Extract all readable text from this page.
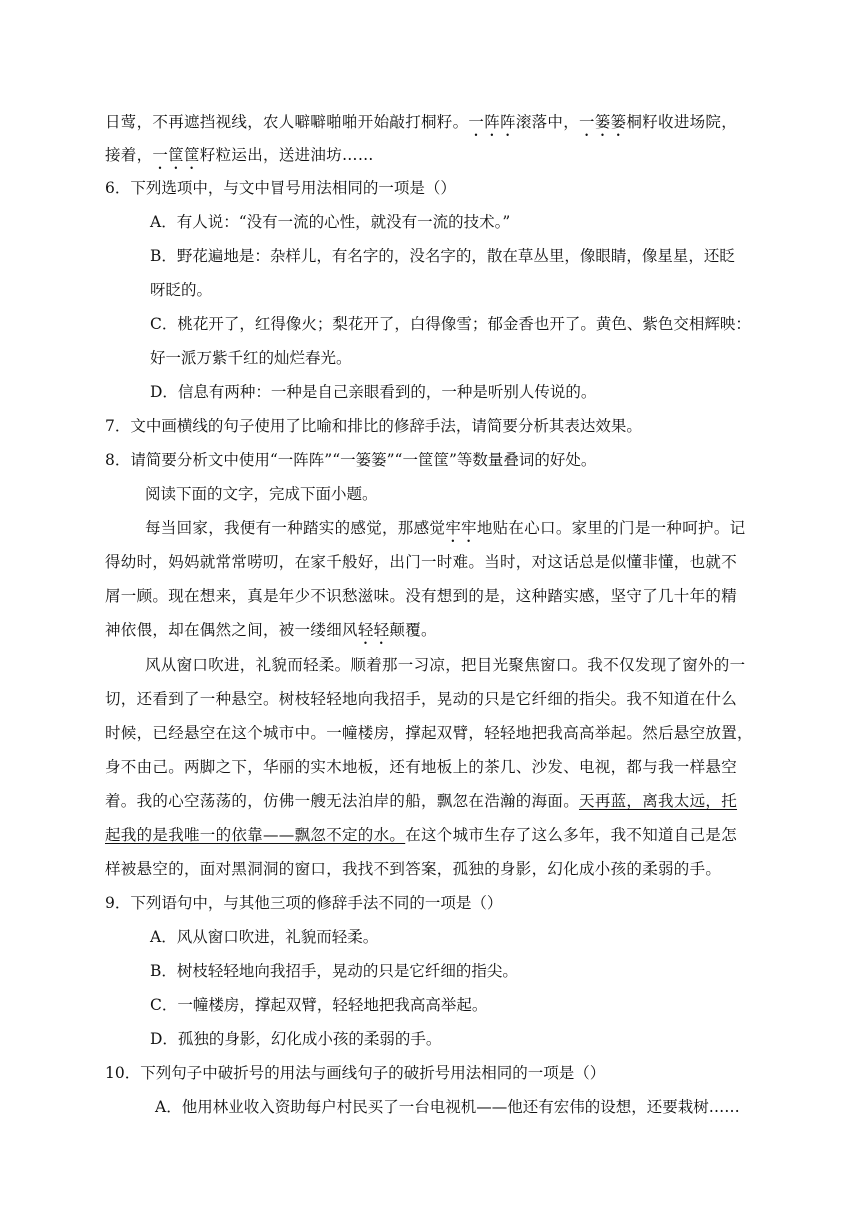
日莺，不再遮挡视线，农人噼噼啪啪开始敲打桐籽。一阵阵滚落中，一篓篓桐籽收进场院，
接着，一筐筐籽粒运出，送进油坊……
6．下列选项中，与文中冒号用法相同的一项是（）
A．有人说：“没有一流的心性，就没有一流的技术。”
B．野花遍地是：杂样儿，有名字的，没名字的，散在草丛里，像眼睛，像星星，还眨
呀眨的。
C．桃花开了，红得像火；梨花开了，白得像雪；郁金香也开了。黄色、紫色交相辉映：
好一派万紫千红的灿烂春光。
D．信息有两种：一种是自己亲眼看到的，一种是听别人传说的。
7．文中画横线的句子使用了比喻和排比的修辞手法，请简要分析其表达效果。
8．请简要分析文中使用“一阵阵”“一篓篓”“一筐筐”等数量叠词的好处。
阅读下面的文字，完成下面小题。
每当回家，我便有一种踏实的感觉，那感觉牢牢地贴在心口。家里的门是一种呵护。记
得幼时，妈妈就常常唠叨，在家千般好，出门一时难。当时，对这话总是似懂非懂，也就不
屑一顾。现在想来，真是年少不识愁滋味。没有想到的是，这种踏实感，坚守了几十年的精
神依偎，却在偶然之间，被一缕细风轻轻颠覆。
风从窗口吹进，礼貌而轻柔。顺着那一习凉，把目光聚焦窗口。我不仅发现了窗外的一
切，还看到了一种悬空。树枝轻轻地向我招手，晃动的只是它纤细的指尖。我不知道在什么
时候，已经悬空在这个城市中。一幢楼房，撑起双臂，轻轻地把我高高举起。然后悬空放置，
身不由己。两脚之下，华丽的实木地板，还有地板上的茶几、沙发、电视，都与我一样悬空
着。我的心空荡荡的，仿佛一艘无法泊岸的船，飘忽在浩瀚的海面。天再蓝，离我太远，托
起我的是我唯一的依靠——飘忽不定的水。在这个城市生存了这么多年，我不知道自己是怎
样被悬空的，面对黑洞洞的窗口，我找不到答案，孤独的身影，幻化成小孩的柔弱的手。
9．下列语句中，与其他三项的修辞手法不同的一项是（）
A．风从窗口吹进，礼貌而轻柔。
B．树枝轻轻地向我招手，晃动的只是它纤细的指尖。
C．一幢楼房，撑起双臂，轻轻地把我高高举起。
D．孤独的身影，幻化成小孩的柔弱的手。
10．下列句子中破折号的用法与画线句子的破折号用法相同的一项是（）
A．他用林业收入资助每户村民买了一台电视机——他还有宏伟的设想，还要栽树……
